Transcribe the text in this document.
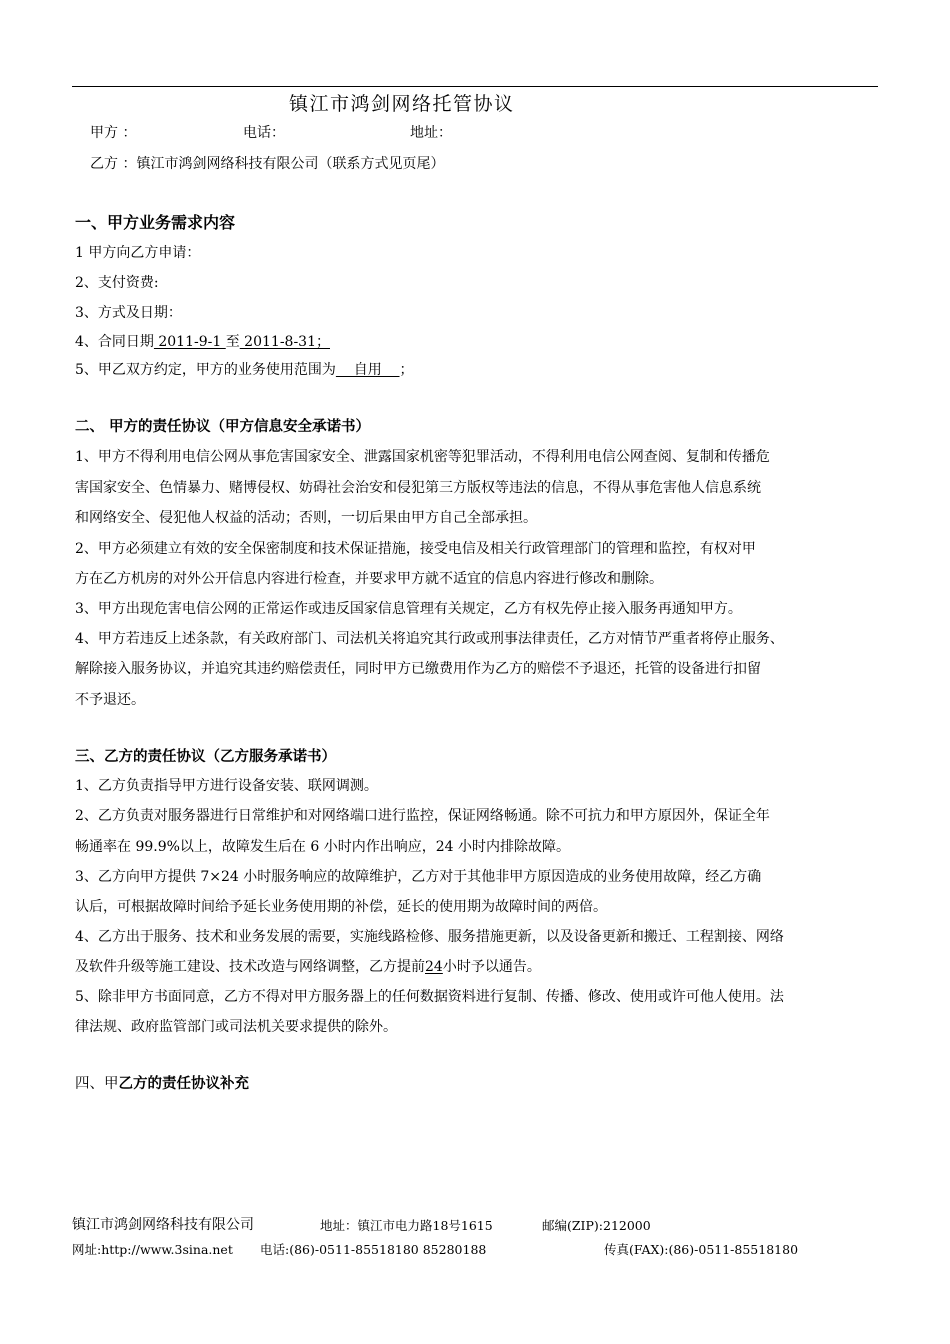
镇江市鸿剑网络托管协议
甲方 ：	电话：	地址：
乙方 ：镇江市鸿剑网络科技有限公司（联系方式见页尾）
一、甲方业务需求内容
1 甲方向乙方申请：
2、支付资费:
3、方式及日期：
4、合同日期 2011-9-1 至 2011-8-31；
5、甲乙双方约定，甲方的业务使用范围为    自用    ；
二、 甲方的责任协议（甲方信息安全承诺书）
1、甲方不得利用电信公网从事危害国家安全、泄露国家机密等犯罪活动，不得利用电信公网查阅、复制和传播危
害国家安全、色情暴力、赌博侵权、妨碍社会治安和侵犯第三方版权等违法的信息，不得从事危害他人信息系统
和网络安全、侵犯他人权益的活动；否则，一切后果由甲方自己全部承担。
2、甲方必须建立有效的安全保密制度和技术保证措施，接受电信及相关行政管理部门的管理和监控，有权对甲
方在乙方机房的对外公开信息内容进行检查，并要求甲方就不适宜的信息内容进行修改和删除。
3、甲方出现危害电信公网的正常运作或违反国家信息管理有关规定，乙方有权先停止接入服务再通知甲方。
4、甲方若违反上述条款，有关政府部门、司法机关将追究其行政或刑事法律责任，乙方对情节严重者将停止服务、
解除接入服务协议，并追究其违约赔偿责任，同时甲方已缴费用作为乙方的赔偿不予退还，托管的设备进行扣留
不予退还。
三、乙方的责任协议（乙方服务承诺书）
1、乙方负责指导甲方进行设备安装、联网调测。
2、乙方负责对服务器进行日常维护和对网络端口进行监控，保证网络畅通。除不可抗力和甲方原因外，保证全年
畅通率在 99.9%以上，故障发生后在 6 小时内作出响应，24 小时内排除故障。
3、乙方向甲方提供 7×24 小时服务响应的故障维护，乙方对于其他非甲方原因造成的业务使用故障，经乙方确
认后，可根据故障时间给予延长业务使用期的补偿，延长的使用期为故障时间的两倍。
4、乙方出于服务、技术和业务发展的需要，实施线路检修、服务措施更新，以及设备更新和搬迁、工程割接、网络
及软件升级等施工建设、技术改造与网络调整，乙方提前24小时予以通告。
5、除非甲方书面同意，乙方不得对甲方服务器上的任何数据资料进行复制、传播、修改、使用或许可他人使用。法
律法规、政府监管部门或司法机关要求提供的除外。
四、甲乙方的责任协议补充
镇江市鸿剑网络科技有限公司	地址：镇江市电力路18号1615	邮编(ZIP):212000
网址:http://www.3sina.net 电话:(86)-0511-85518180 85280188	传真(FAX):(86)-0511-85518180
